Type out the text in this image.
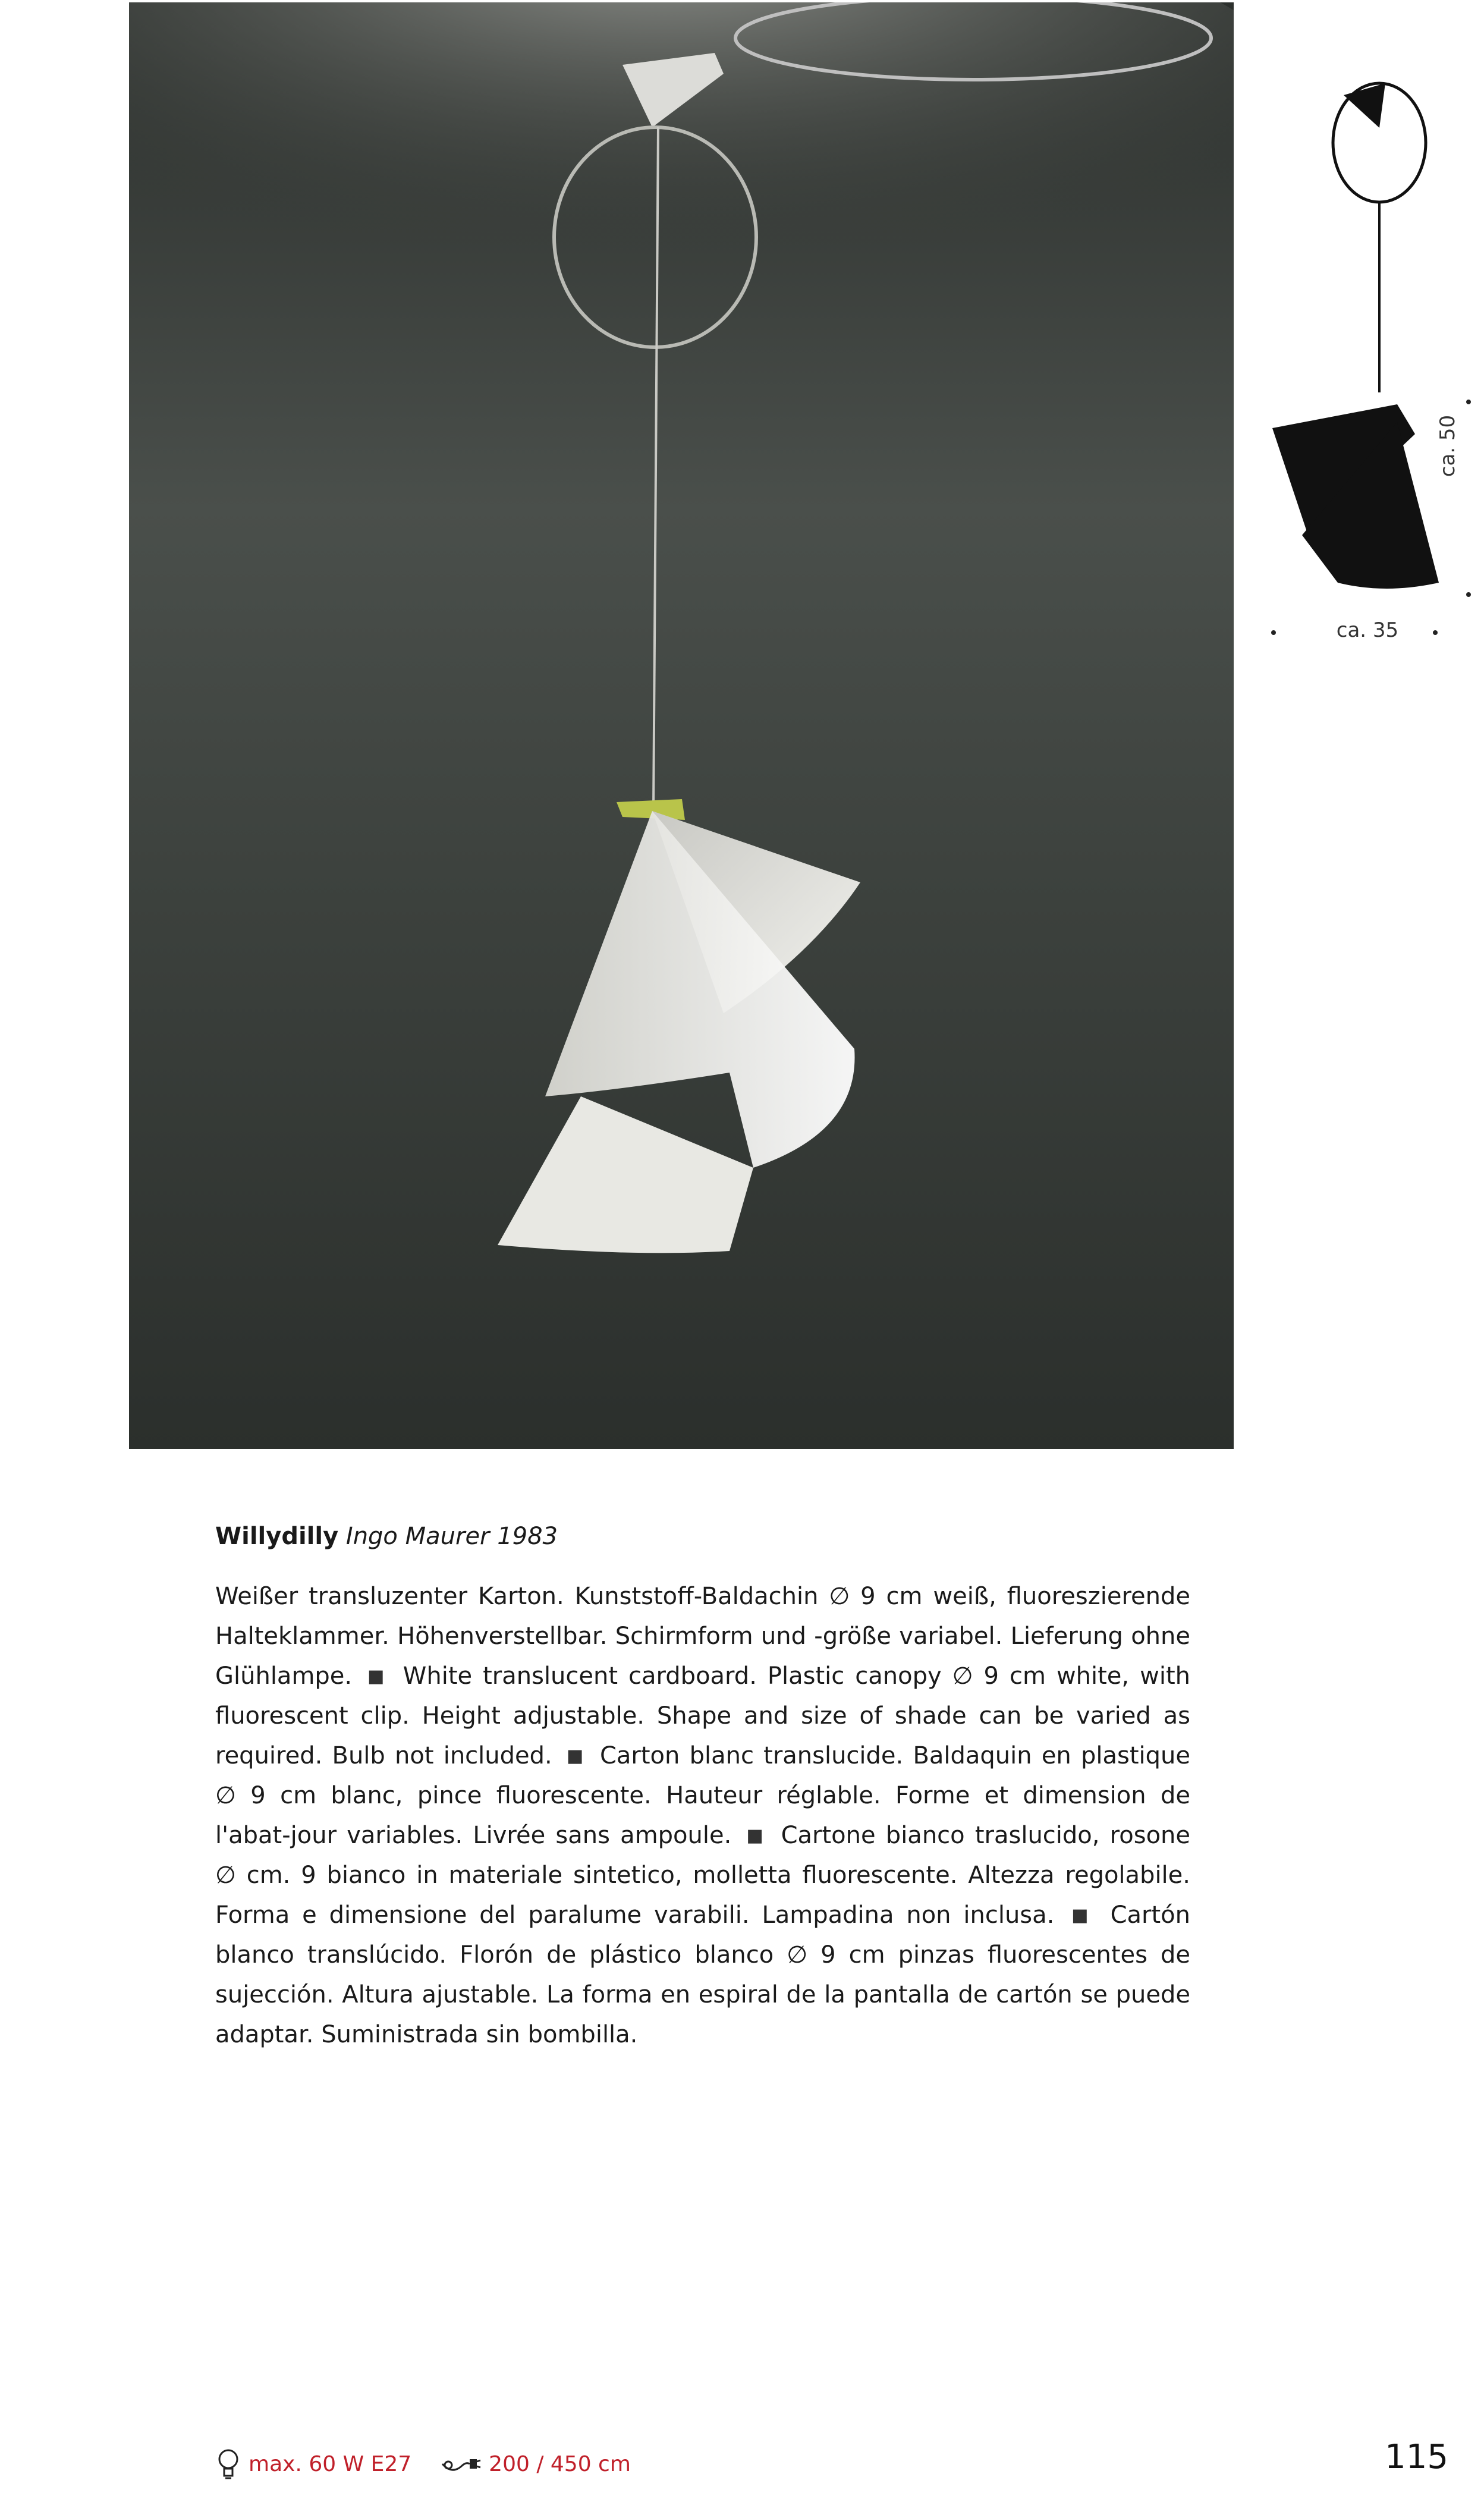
ca. 35
ca. 50
Willydilly Ingo Maurer 1983

Weißer transluzenter Karton. Kunststoff-Baldachin ∅ 9 cm weiß, fluoreszierende Halteklammer. Höhenverstellbar. Schirmform und -größe variabel. Lieferung ohne Glühlampe. ■ White translucent cardboard. Plastic canopy ∅ 9 cm white, with fluorescent clip. Height adjustable. Shape and size of shade can be varied as required. Bulb not included. ■ Carton blanc translucide. Baldaquin en plastique ∅ 9 cm blanc, pince fluorescente. Hauteur réglable. Forme et dimension de l'abat-jour variables. Livrée sans ampoule. ■ Cartone bianco traslucido, rosone ∅ cm. 9 bianco in materiale sintetico, molletta fluorescente. Altezza regolabile. Forma e dimensione del paralume varabili. Lampadina non inclusa. ■ Cartón blanco translúcido. Florón de plástico blanco ∅ 9 cm pinzas fluorescentes de sujección. Altura ajustable. La forma en espiral de la pantalla de cartón se puede adaptar. Suministrada sin bombilla.

max. 60 W E27	200 / 450 cm	115
